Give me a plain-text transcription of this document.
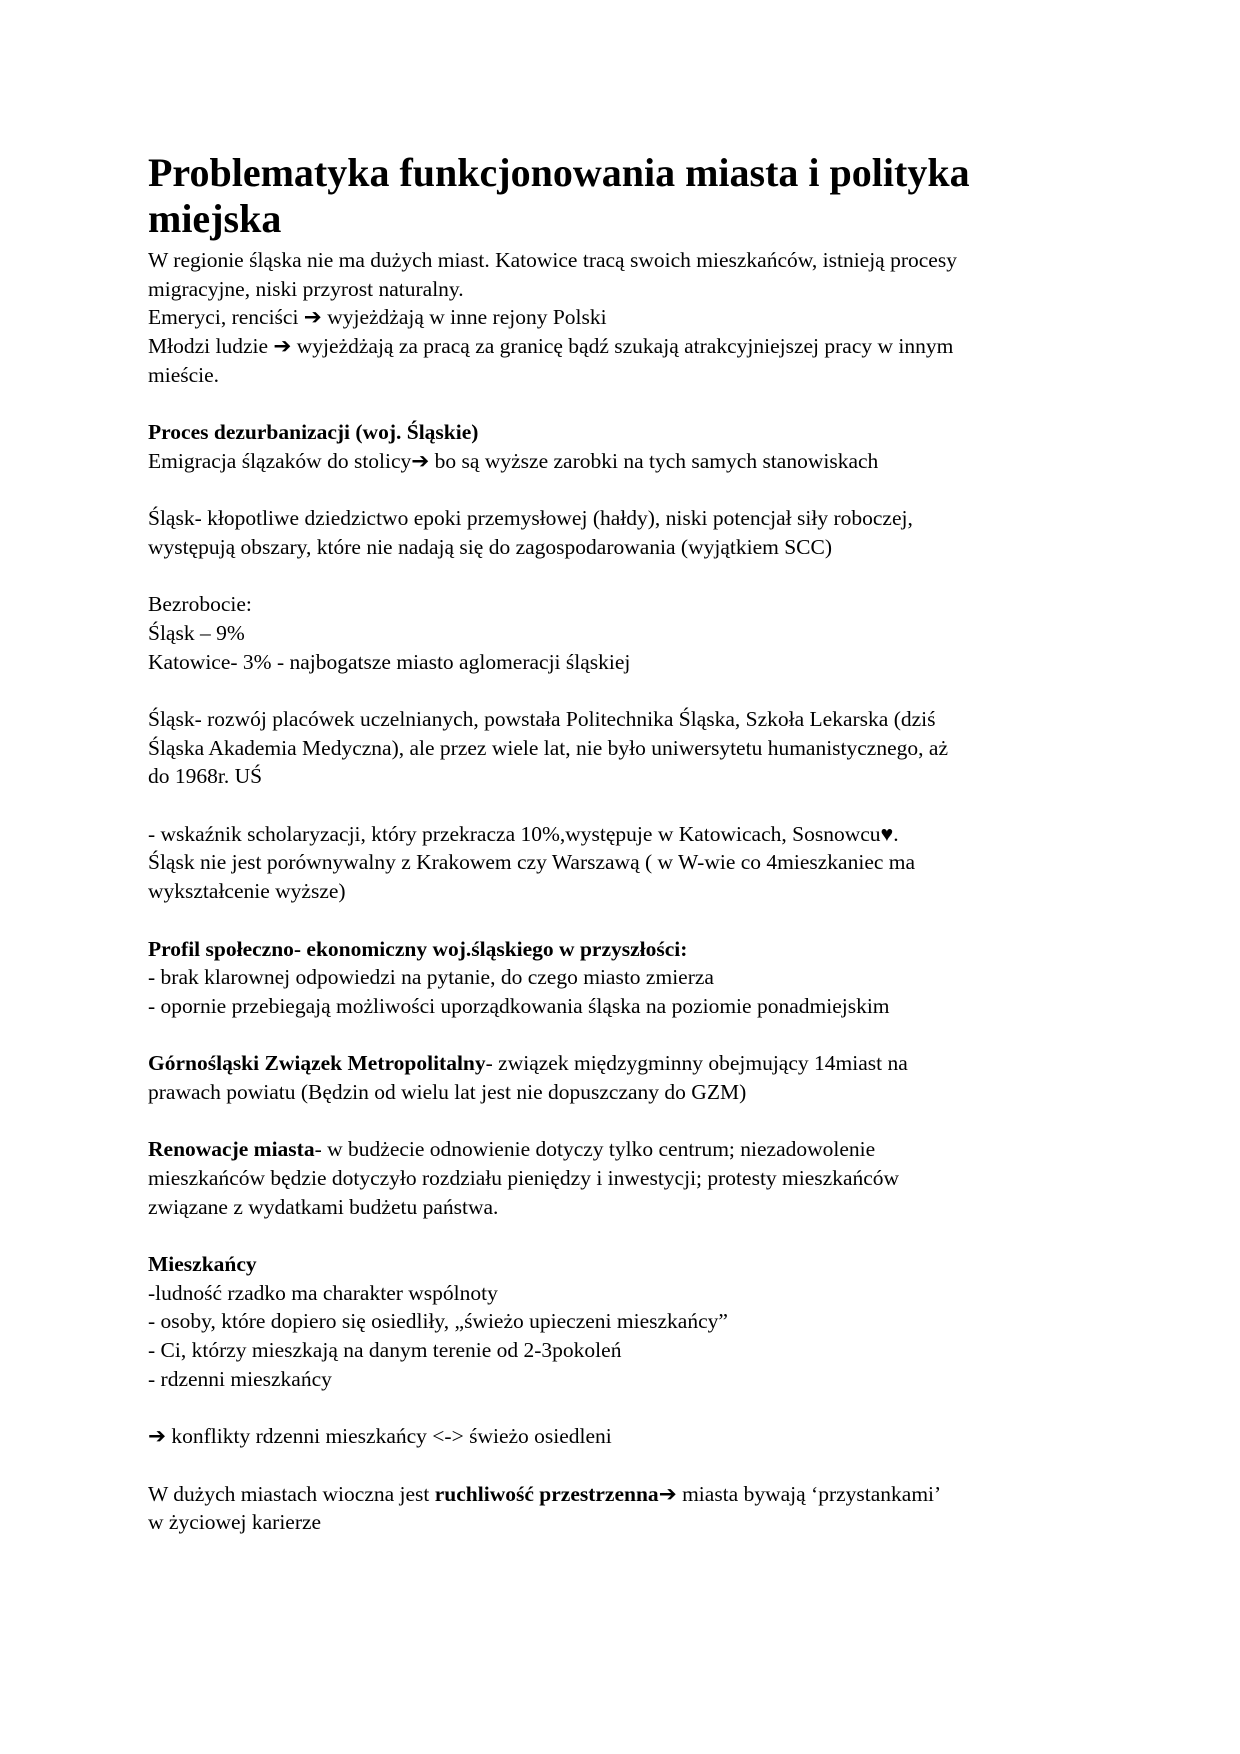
Problematyka funkcjonowania miasta i polityka
miejska
W regionie śląska nie ma dużych miast. Katowice tracą swoich mieszkańców, istnieją procesy
migracyjne, niski przyrost naturalny.
Emeryci, renciści ➔ wyjeżdżają w inne rejony Polski
Młodzi ludzie ➔ wyjeżdżają za pracą za granicę bądź szukają atrakcyjniejszej pracy w innym
mieście.
Proces dezurbanizacji (woj. Śląskie)
Emigracja ślązaków do stolicy➔ bo są wyższe zarobki na tych samych stanowiskach
Śląsk- kłopotliwe dziedzictwo epoki przemysłowej (hałdy), niski potencjał siły roboczej,
występują obszary, które nie nadają się do zagospodarowania (wyjątkiem SCC)
Bezrobocie:
Śląsk – 9%
Katowice- 3% - najbogatsze miasto aglomeracji śląskiej
Śląsk- rozwój placówek uczelnianych, powstała Politechnika Śląska, Szkoła Lekarska (dziś
Śląska Akademia Medyczna), ale przez wiele lat, nie było uniwersytetu humanistycznego, aż
do 1968r. UŚ
- wskaźnik scholaryzacji, który przekracza 10%,występuje w Katowicach, Sosnowcu♥.
Śląsk nie jest porównywalny z Krakowem czy Warszawą ( w W-wie co 4mieszkaniec ma
wykształcenie wyższe)
Profil społeczno- ekonomiczny woj.śląskiego w przyszłości:
- brak klarownej odpowiedzi na pytanie, do czego miasto zmierza
- opornie przebiegają możliwości uporządkowania śląska na poziomie ponadmiejskim
Górnośląski Związek Metropolitalny- związek międzygminny obejmujący 14miast na
prawach powiatu (Będzin od wielu lat jest nie dopuszczany do GZM)
Renowacje miasta- w budżecie odnowienie dotyczy tylko centrum; niezadowolenie
mieszkańców będzie dotyczyło rozdziału pieniędzy i inwestycji; protesty mieszkańców
związane z wydatkami budżetu państwa.
Mieszkańcy
-ludność rzadko ma charakter wspólnoty
- osoby, które dopiero się osiedliły, „świeżo upieczeni mieszkańcy”
- Ci, którzy mieszkają na danym terenie od 2-3pokoleń
- rdzenni mieszkańcy
➔ konflikty rdzenni mieszkańcy <-> świeżo osiedleni
W dużych miastach wioczna jest ruchliwość przestrzenna➔ miasta bywają ‘przystankami’
w życiowej karierze
